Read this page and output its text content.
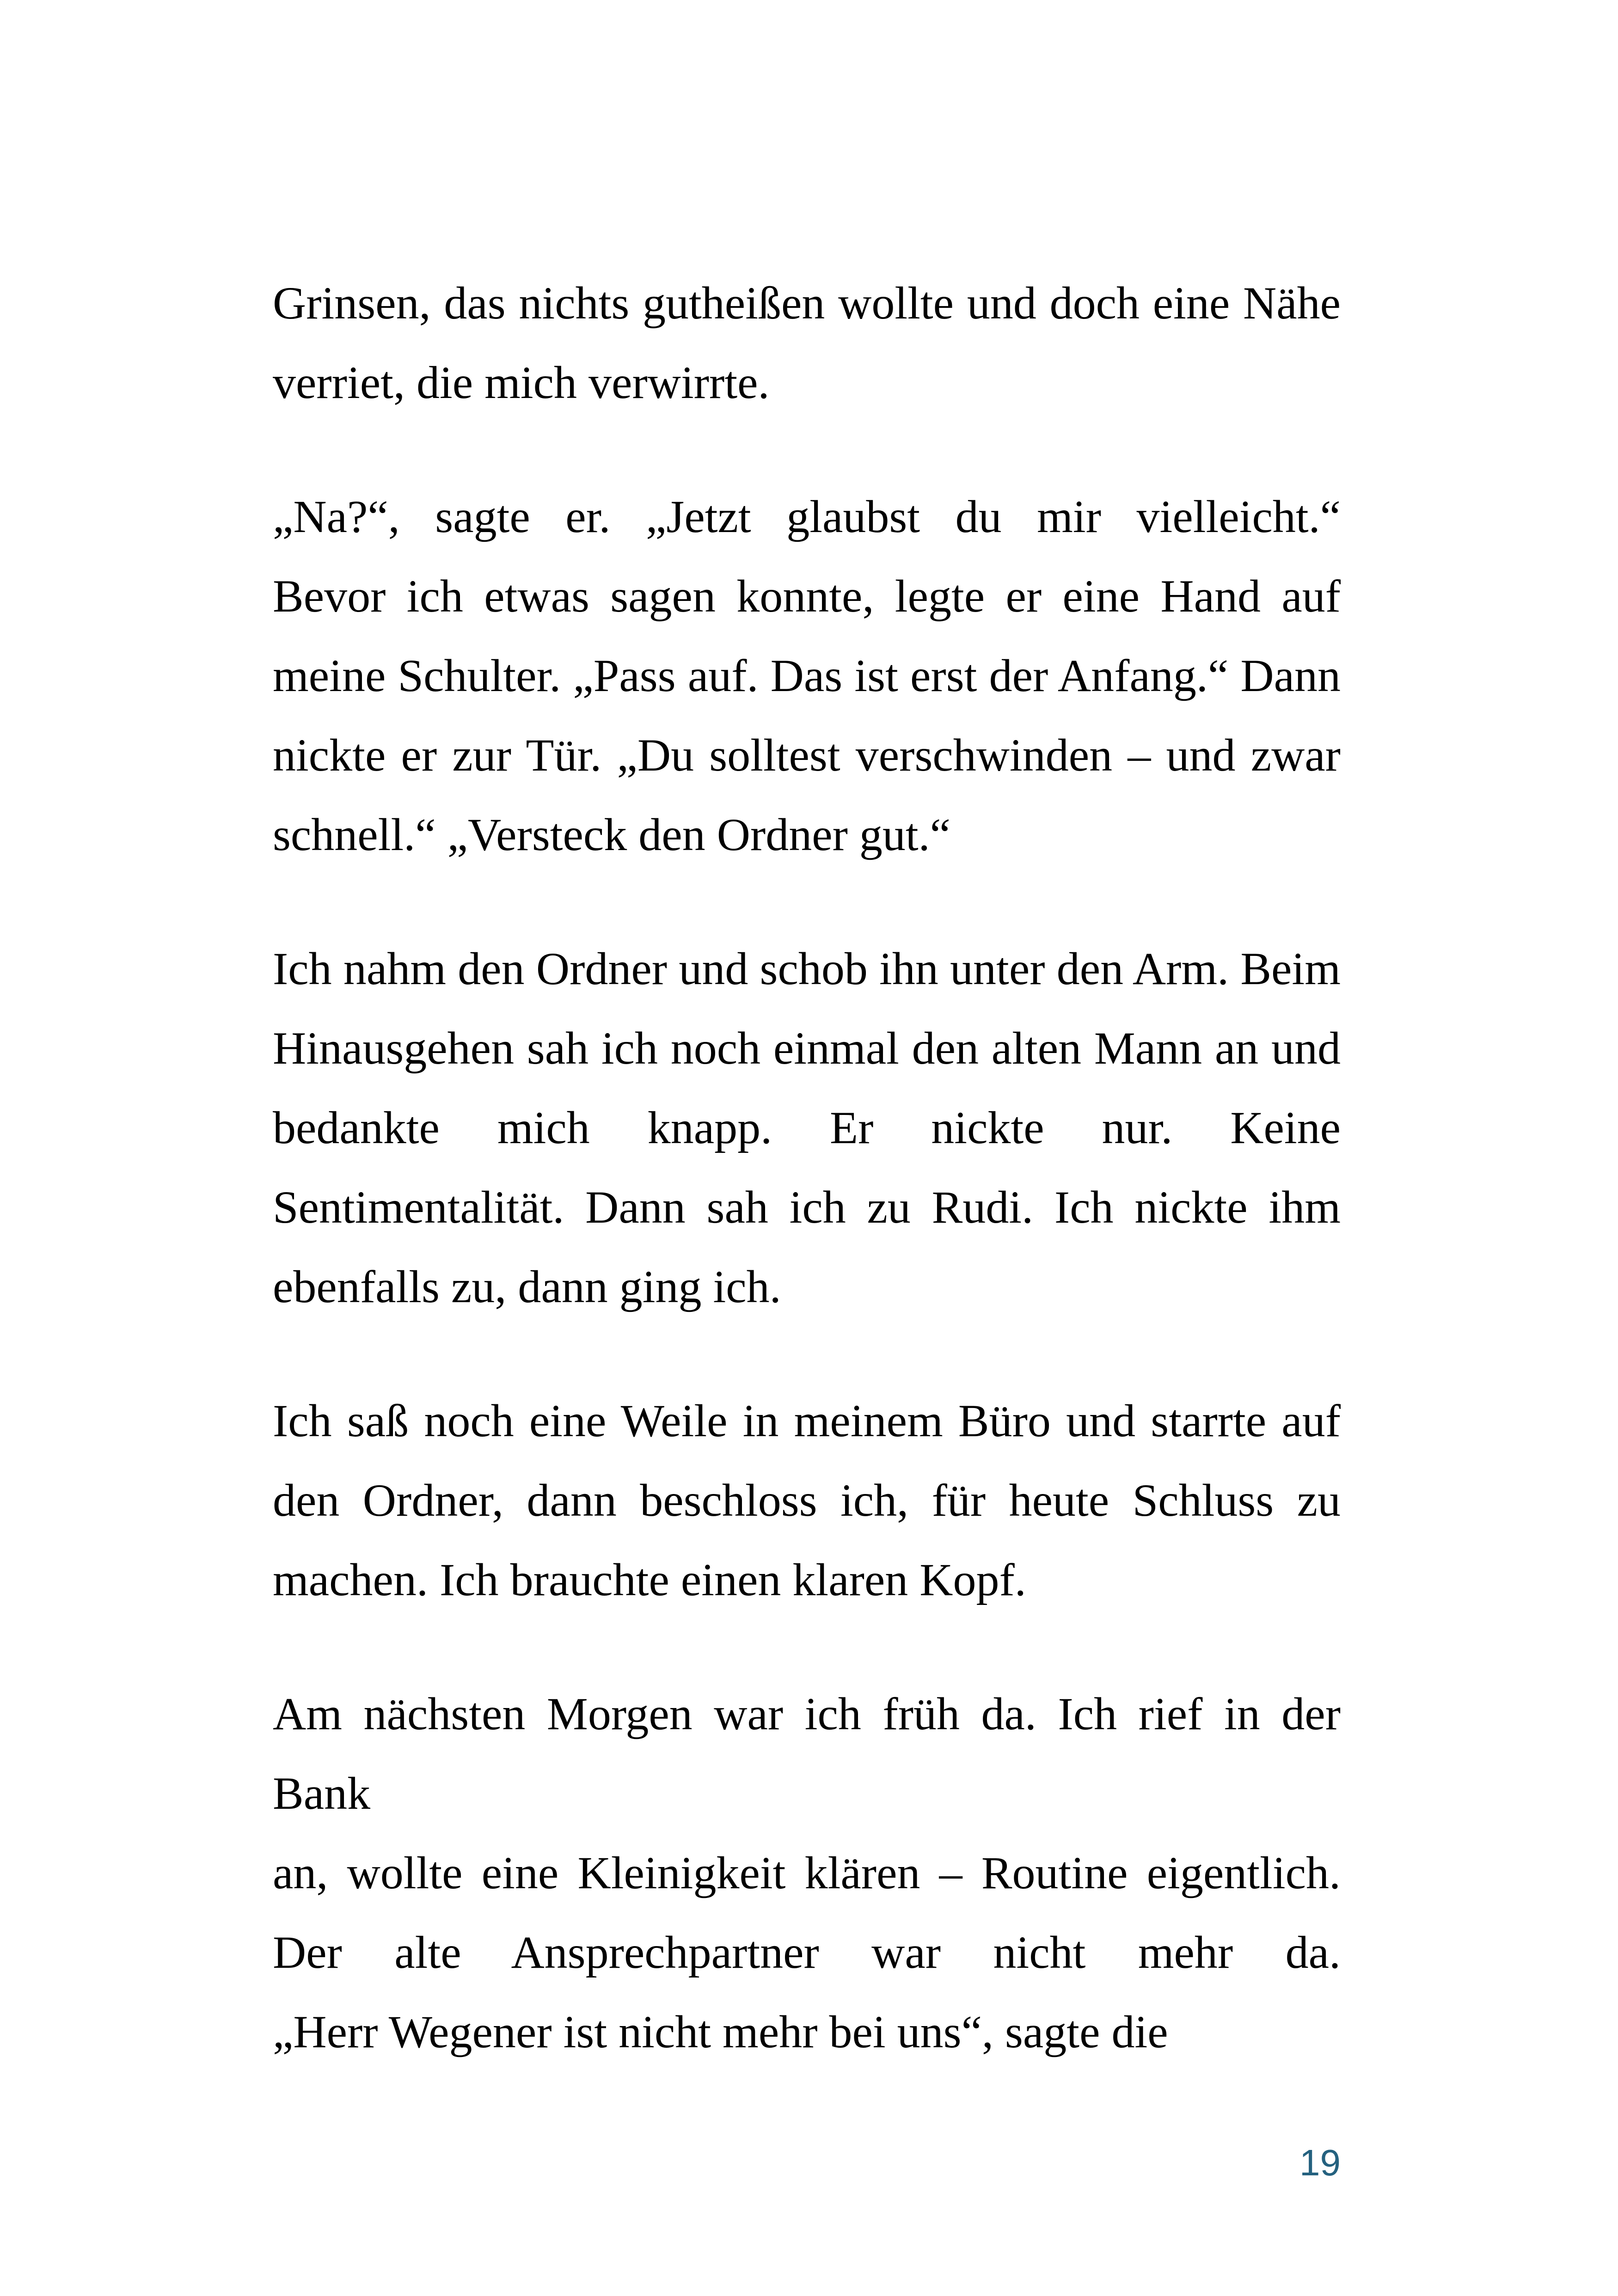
Grinsen, das nichts gutheißen wollte und doch eine Nähe
verriet, die mich verwirrte.

„Na?“, sagte er. „Jetzt glaubst du mir vielleicht.“
Bevor ich etwas sagen konnte, legte er eine Hand auf
meine Schulter. „Pass auf. Das ist erst der Anfang.“ Dann
nickte er zur Tür. „Du solltest verschwinden – und zwar
schnell.“ „Versteck den Ordner gut.“

Ich nahm den Ordner und schob ihn unter den Arm. Beim
Hinausgehen sah ich noch einmal den alten Mann an und
bedankte mich knapp. Er nickte nur. Keine
Sentimentalität. Dann sah ich zu Rudi. Ich nickte ihm
ebenfalls zu, dann ging ich.

Ich saß noch eine Weile in meinem Büro und starrte auf
den Ordner, dann beschloss ich, für heute Schluss zu
machen. Ich brauchte einen klaren Kopf.

Am nächsten Morgen war ich früh da. Ich rief in der Bank
an, wollte eine Kleinigkeit klären – Routine eigentlich.
Der alte Ansprechpartner war nicht mehr da.
„Herr Wegener ist nicht mehr bei uns“, sagte die

19
